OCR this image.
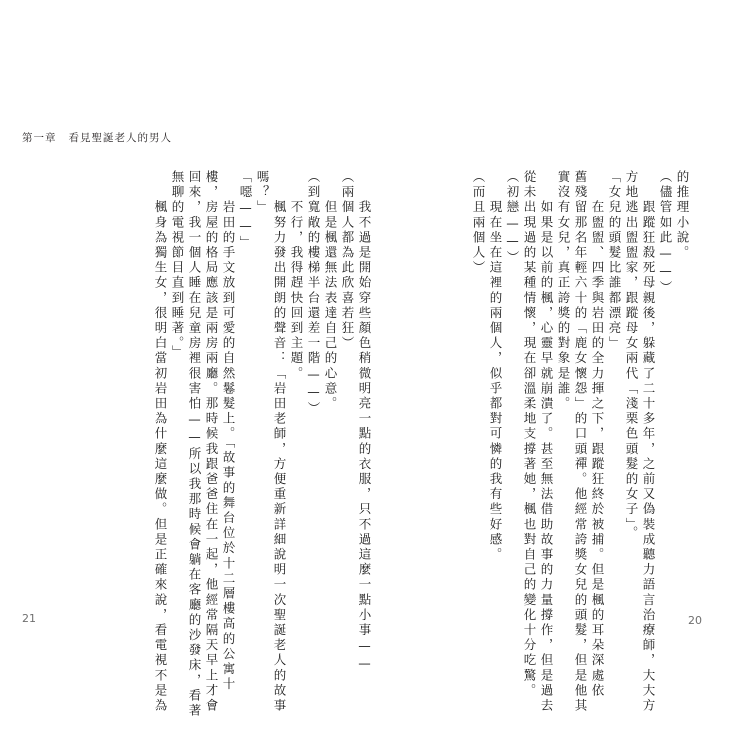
第一章 看見聖誕老人的男人
的推理小說。
（儘管如此——）
　　跟蹤狂殺死母親後，躲藏了二十多年，之前又偽裝成聽力語言治療師，大大方
方地逃出盥盥家，跟蹤母女兩代「淺栗色頭髮的女子」。
「女兒的頭髮比誰都漂亮」
　　在盥盥、四季與岩田的全力揮之下，跟蹤狂終於被捕。但是楓的耳朵深處依
舊殘留那名年輕六十的「鹿女懷怨」的口頭禪。他經常誇獎女兒的頭髮，但是他其
實沒有女兒，真正誇獎的對象是誰。
　　如果是以前的楓，心靈早就崩潰了。甚至無法借助故事的力量撐作，但是過去
從未出現過的某種情懷，現在卻溫柔地支撐著她，楓也對自己的變化十分吃驚。
（初戀——）
　　現在坐在這裡的兩個人，似乎都對可憐的我有些好感。
（而且兩個人）
　　我不過是開始穿些顏色稍微明亮一點的衣服，只不過這麼一點小事——
（兩個人都為此欣喜若狂）
　　但是楓還無法表達自己的心意。
（到寬敞的樓梯半台還差一階——）
　　不行，我得趕快回到主題。
　　楓努力發出開朗的聲音：「岩田老師，方便重新詳細說明一次聖誕老人的故事
嗎？」
「噁——」
　　岩田的手文放到可愛的自然鬈髮上。「故事的舞台位於十二層樓高的公寓十
樓，房屋的格局應該是兩房兩廳。那時候我跟爸爸住在一起，他經常隔天早上才會
回來，我一個人睡在兒童房裡很害怕——所以我那時候會躺在客廳的沙發床，看著
無聊的電視節目直到睡著。」
　　楓身為獨生女，很明白當初岩田為什麼這麼做。但是正確來說，看電視不是為
21	20
